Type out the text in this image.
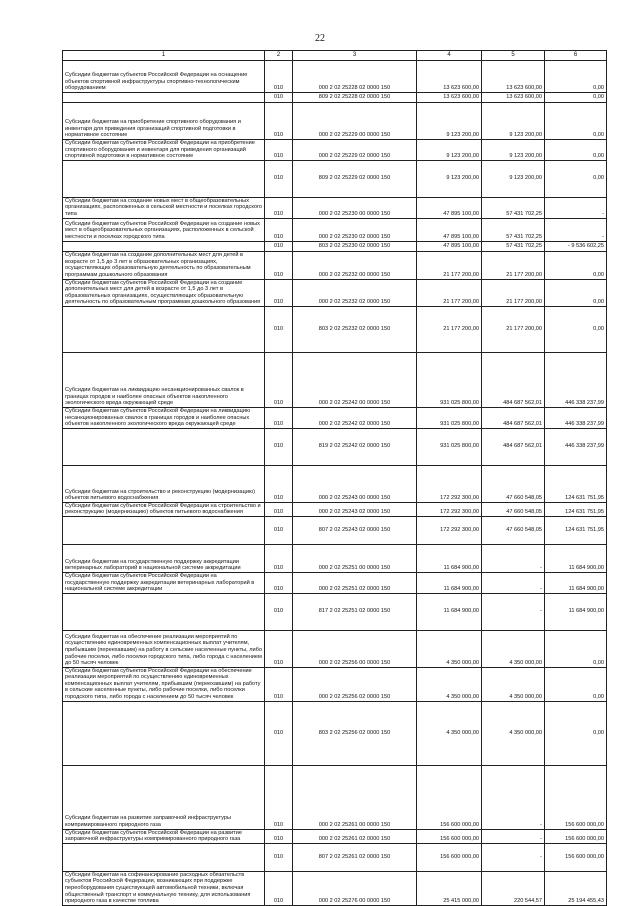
22
1	2	3	4	5	6
Субсидии бюджетам субъектов Российской Федерации на оснащение объектов спортивной инфраструктуры спортивно-технологическим оборудованием	010	000 2 02 25228 02 0000 150	13 623 600,00	13 623 600,00	0,00
	010	809 2 02 25228 02 0000 150	13 623 600,00	13 623 600,00	0,00
Субсидии бюджетам на приобретение спортивного оборудования и инвентаря для приведения организаций спортивной подготовки в нормативное состояние	010	000 2 02 25229 00 0000 150	9 123 200,00	9 123 200,00	0,00
Субсидии бюджетам субъектов Российской Федерации на приобретение спортивного оборудования и инвентаря для приведения организаций спортивной подготовки в нормативное состояние	010	000 2 02 25229 02 0000 150	9 123 200,00	9 123 200,00	0,00
	010	809 2 02 25229 02 0000 150	9 123 200,00	9 123 200,00	0,00
Субсидии бюджетам на создание новых мест в общеобразовательных организациях, расположенных в сельской местности и поселках городского типа	010	000 2 02 25230 00 0000 150	47 895 100,00	57 431 702,25	-
Субсидии бюджетам субъектов Российской Федерации на создание новых мест в общеобразовательных организациях, расположенных в сельской местности и поселках городского типа	010	000 2 02 25230 02 0000 150	47 895 100,00	57 431 702,25	-
	010	803 2 02 25230 02 0000 150	47 895 100,00	57 431 702,25	- 9 536 602,25
Субсидии бюджетам на создание дополнительных мест для детей в возрасте от 1,5 до 3 лет в образовательных организациях, осуществляющих образовательную деятельность по образовательным программам дошкольного образования	010	000 2 02 25232 00 0000 150	21 177 200,00	21 177 200,00	0,00
Субсидии бюджетам субъектов Российской Федерации на создание дополнительных мест для детей в возрасте от 1,5 до 3 лет в образовательных организациях, осуществляющих образовательную деятельность по образовательным программам дошкольного образования	010	000 2 02 25232 02 0000 150	21 177 200,00	21 177 200,00	0,00
	010	803 2 02 25232 02 0000 150	21 177 200,00	21 177 200,00	0,00
Субсидии бюджетам на ликвидацию несанкционированных свалок в границах городов и наиболее опасных объектов накопленного экологического вреда окружающей среде	010	000 2 02 25242 00 0000 150	931 025 800,00	484 687 562,01	446 338 237,99
Субсидии бюджетам субъектов Российской Федерации на ликвидацию несанкционированных свалок в границах городов и наиболее опасных объектов накопленного экологического вреда окружающей среде	010	000 2 02 25242 02 0000 150	931 025 800,00	484 687 562,01	446 338 237,99
	010	819 2 02 25242 02 0000 150	931 025 800,00	484 687 562,01	446 338 237,99
Субсидии бюджетам на строительство и реконструкцию (модернизацию) объектов питьевого водоснабжения	010	000 2 02 25243 00 0000 150	172 292 300,00	47 660 548,05	124 631 751,95
Субсидии бюджетам субъектов Российской Федерации на строительство и реконструкцию (модернизацию) объектов питьевого водоснабжения	010	000 2 02 25243 02 0000 150	172 292 300,00	47 660 548,05	124 631 751,95
	010	807 2 02 25243 02 0000 150	172 292 300,00	47 660 548,05	124 631 751,95
Субсидии бюджетам на государственную поддержку аккредитации ветеринарных лабораторий в национальной системе аккредитации	010	000 2 02 25251 00 0000 150	11 684 900,00	-	11 684 900,00
Субсидии бюджетам субъектов Российской Федерации на государственную поддержку аккредитации ветеринарных лабораторий в национальной системе аккредитации	010	000 2 02 25251 02 0000 150	11 684 900,00	-	11 684 900,00
	010	817 2 02 25251 02 0000 150	11 684 900,00	-	11 684 900,00
Субсидии бюджетам на обеспечение реализации мероприятий по осуществлению единовременных компенсационных выплат учителям, прибывшим (переехавшим) на работу в сельские населенные пункты, либо рабочие поселки, либо поселки городского типа, либо города с населением до 50 тысяч человек	010	000 2 02 25256 00 0000 150	4 350 000,00	4 350 000,00	0,00
Субсидии бюджетам субъектов Российской Федерации на обеспечение реализации мероприятий по осуществлению единовременных компенсационных выплат учителям, прибывшим (переехавшим) на работу в сельские населенные пункты, либо рабочие поселки, либо поселки городского типа, либо города с населением до 50 тысяч человек	010	000 2 02 25256 02 0000 150	4 350 000,00	4 350 000,00	0,00
	010	803 2 02 25256 02 0000 150	4 350 000,00	4 350 000,00	0,00
Субсидии бюджетам на развитие заправочной инфраструктуры компримированного природного газа	010	000 2 02 25261 00 0000 150	156 600 000,00	-	156 600 000,00
Субсидии бюджетам субъектов Российской Федерации на развитие заправочной инфраструктуры компримированного природного газа	010	000 2 02 25261 02 0000 150	156 600 000,00	-	156 600 000,00
	010	807 2 02 25261 02 0000 150	156 600 000,00	-	156 600 000,00
Субсидии бюджетам на софинансирование расходных обязательств субъектов Российской Федерации, возникающих при поддержке переоборудования существующей автомобильной техники, включая общественный транспорт и коммунальную технику, для использования природного газа в качестве топлива	010	000 2 02 25276 00 0000 150	25 415 000,00	220 544,57	25 194 455,43
